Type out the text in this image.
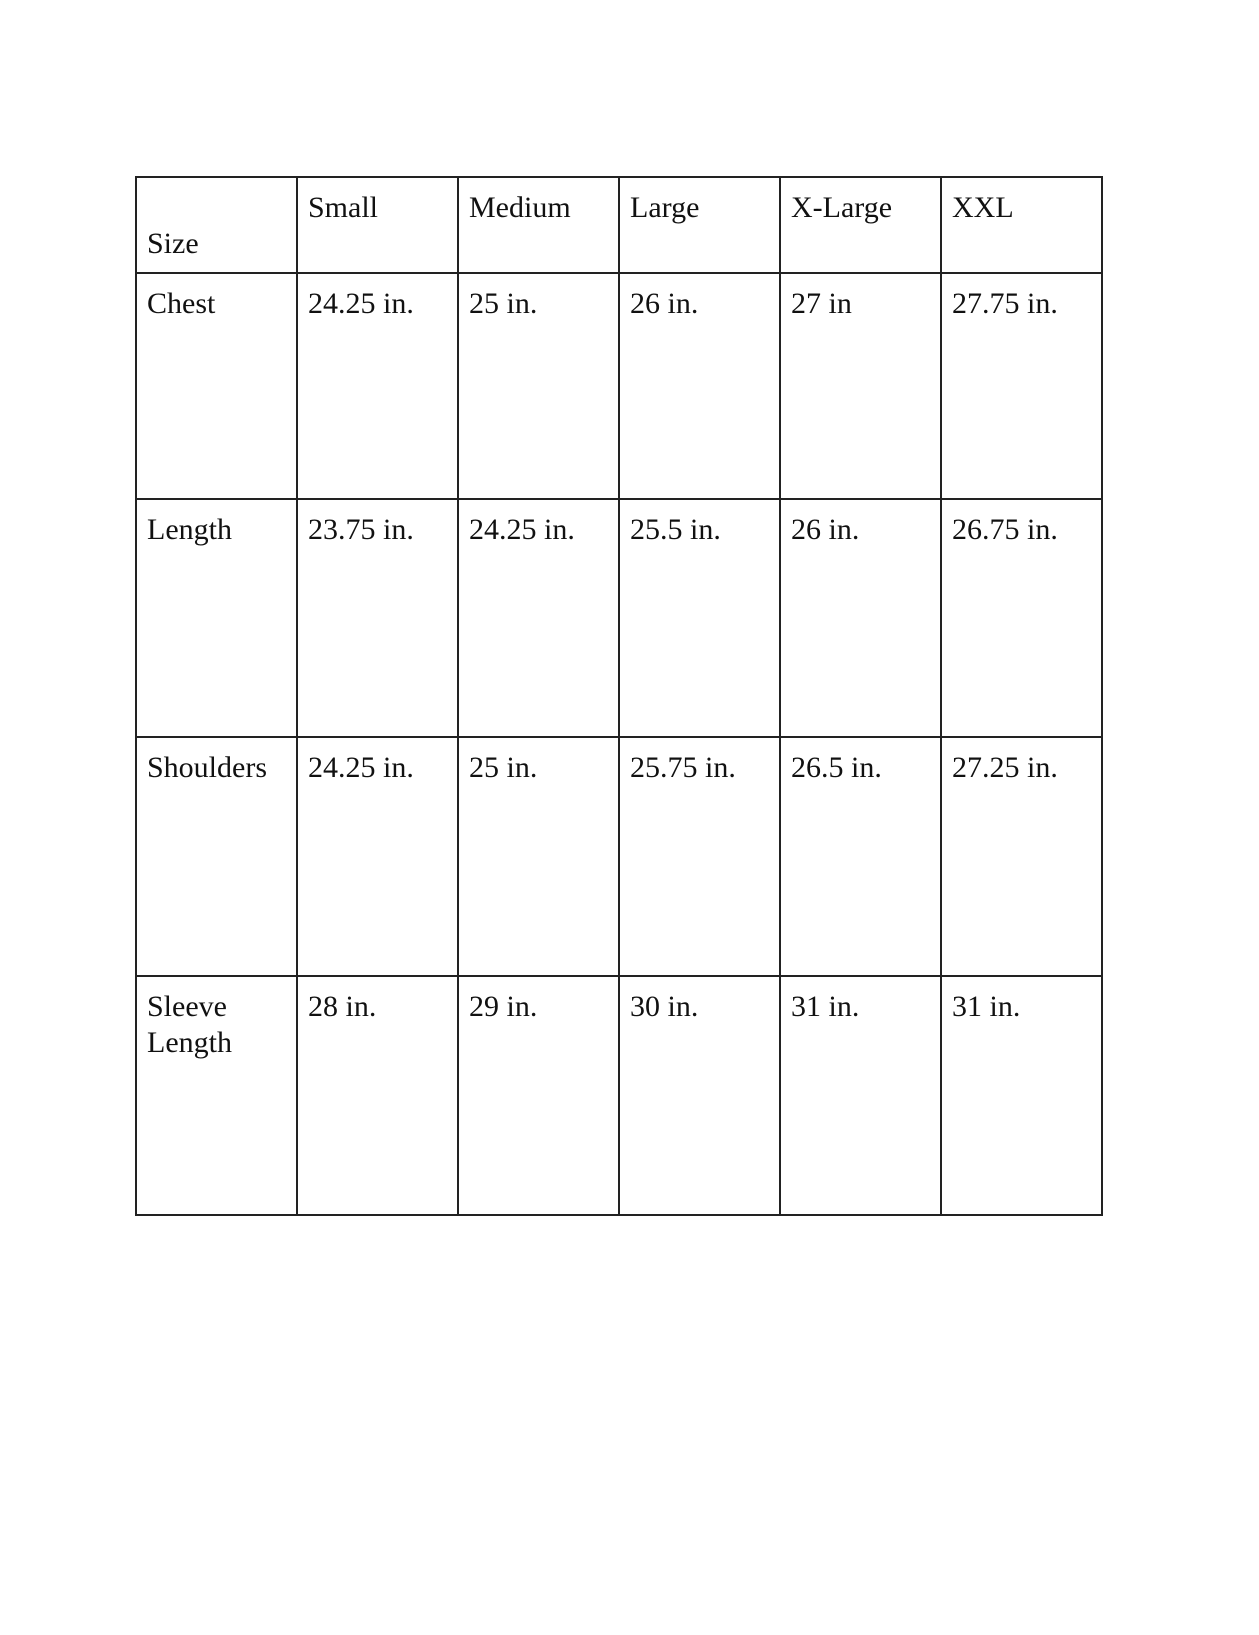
Size	Small	Medium	Large	X-Large	XXL
Chest	24.25 in.	25 in.	26 in.	27 in	27.75 in.
Length	23.75 in.	24.25 in.	25.5 in.	26 in.	26.75 in.
Shoulders	24.25 in.	25 in.	25.75 in.	26.5 in.	27.25 in.
Sleeve Length	28 in.	29 in.	30 in.	31 in.	31 in.
